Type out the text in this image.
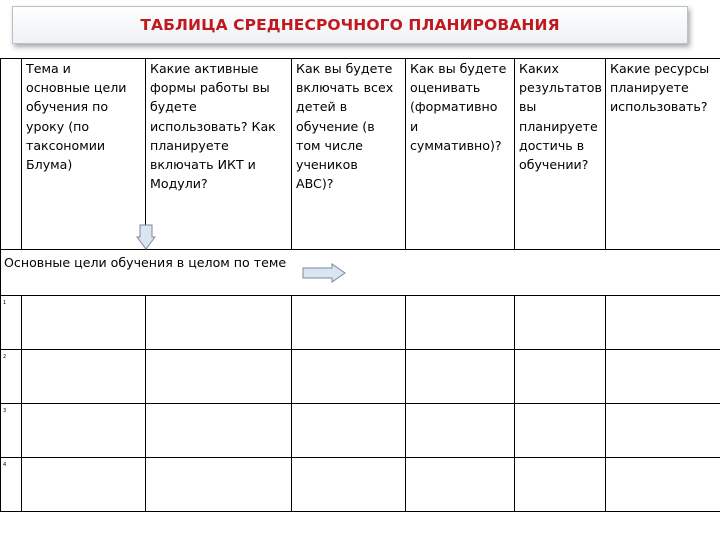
ТАБЛИЦА СРЕДНЕСРОЧНОГО ПЛАНИРОВАНИЯ
Тема и
основные цели
обучения по
уроку (по
таксономии
Блума)
Какие активные
формы работы вы
будете
использовать? Как
планируете
включать ИКТ и
Модули?
Как вы будете
включать всех
детей в
обучение (в
том числе
учеников
ABC)?
Как вы будете
оценивать
(формативно
и
суммативно)?
Каких
результатов
вы
планируете
достичь в
обучении?
Какие ресурсы
планируете
использовать?
Основные цели обучения в целом по теме
1
2
3
4
